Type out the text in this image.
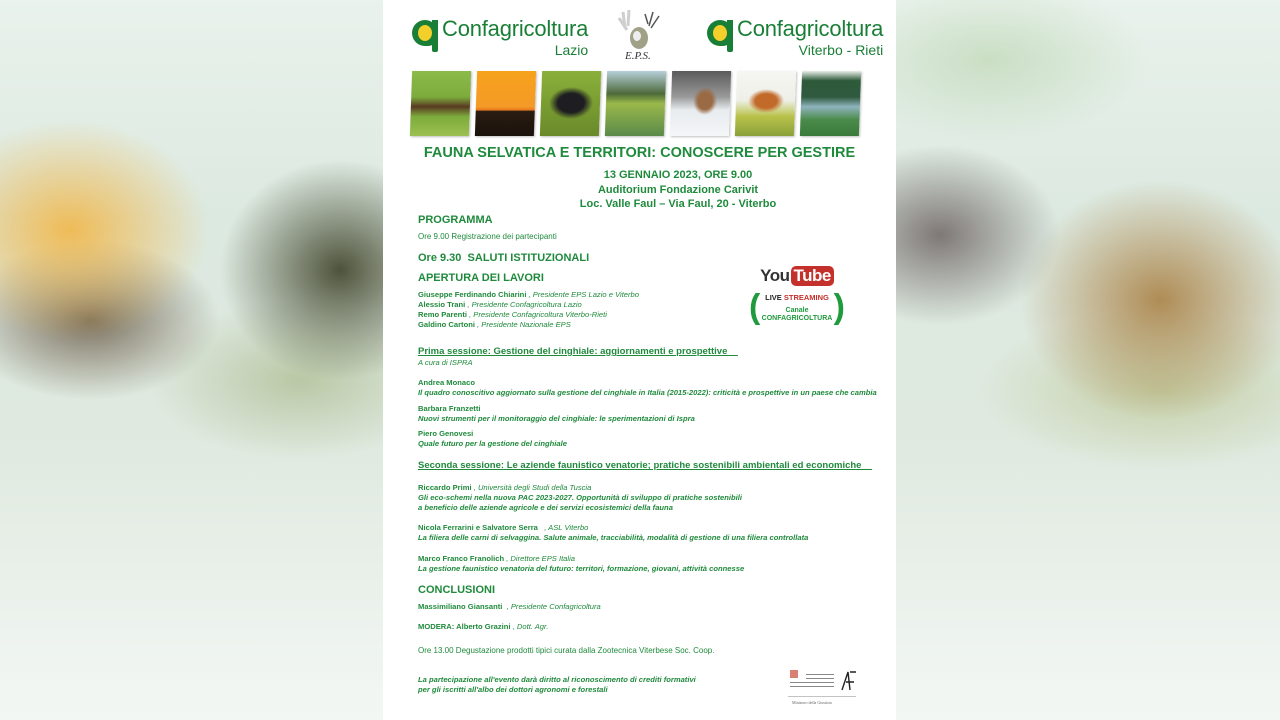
Confagricoltura
Lazio	E.P.S.
Confagricoltura
Viterbo - Rieti
FAUNA SELVATICA E TERRITORI: CONOSCERE PER GESTIRE
13 GENNAIO 2023, ORE 9.00
Auditorium Fondazione Carivit
Loc. Valle Faul – Via Faul, 20 - Viterbo
PROGRAMMA
Ore 9.00 Registrazione dei partecipanti
Ore 9.30  SALUTI ISTITUZIONALI
APERTURA DEI LAVORI
Giuseppe Ferdinando Chiarini , Presidente EPS Lazio e Viterbo
Alessio Trani , Presidente Confagricoltura Lazio
Remo Parenti , Presidente Confagricoltura Viterbo-Rieti
Galdino Cartoni , Presidente Nazionale EPS
You Tube
( )
LIVE STREAMING
Canale
CONFAGRICOLTURA
Prima sessione: Gestione del cinghiale: aggiornamenti e prospettive
A cura di ISPRA
Andrea Monaco
Il quadro conoscitivo aggiornato sulla gestione del cinghiale in Italia (2015-2022): criticità e prospettive in un paese che cambia
Barbara Franzetti
Nuovi strumenti per il monitoraggio del cinghiale: le sperimentazioni di Ispra
Piero Genovesi
Quale futuro per la gestione del cinghiale
Seconda sessione: Le aziende faunistico venatorie; pratiche sostenibili ambientali ed economiche
Riccardo Primi , Università degli Studi della Tuscia
Gli eco-schemi nella nuova PAC 2023-2027. Opportunità di sviluppo di pratiche sostenibili
a beneficio delle aziende agricole e dei servizi ecosistemici della fauna
Nicola Ferrarini e Salvatore Serra   , ASL Viterbo
La filiera delle carni di selvaggina. Salute animale, tracciabilità, modalità di gestione di una filiera controllata
Marco Franco Franolich , Direttore EPS Italia
La gestione faunistico venatoria del futuro: territori, formazione, giovani, attività connesse
CONCLUSIONI
Massimiliano Giansanti  , Presidente Confagricoltura
MODERA: Alberto Grazini , Dott. Agr.
Ore 13.00 Degustazione prodotti tipici curata dalla Zootecnica Viterbese Soc. Coop.
La partecipazione all'evento darà diritto al riconoscimento di crediti formativi
per gli iscritti all'albo dei dottori agronomi e forestali
Ministero della Giustizia
